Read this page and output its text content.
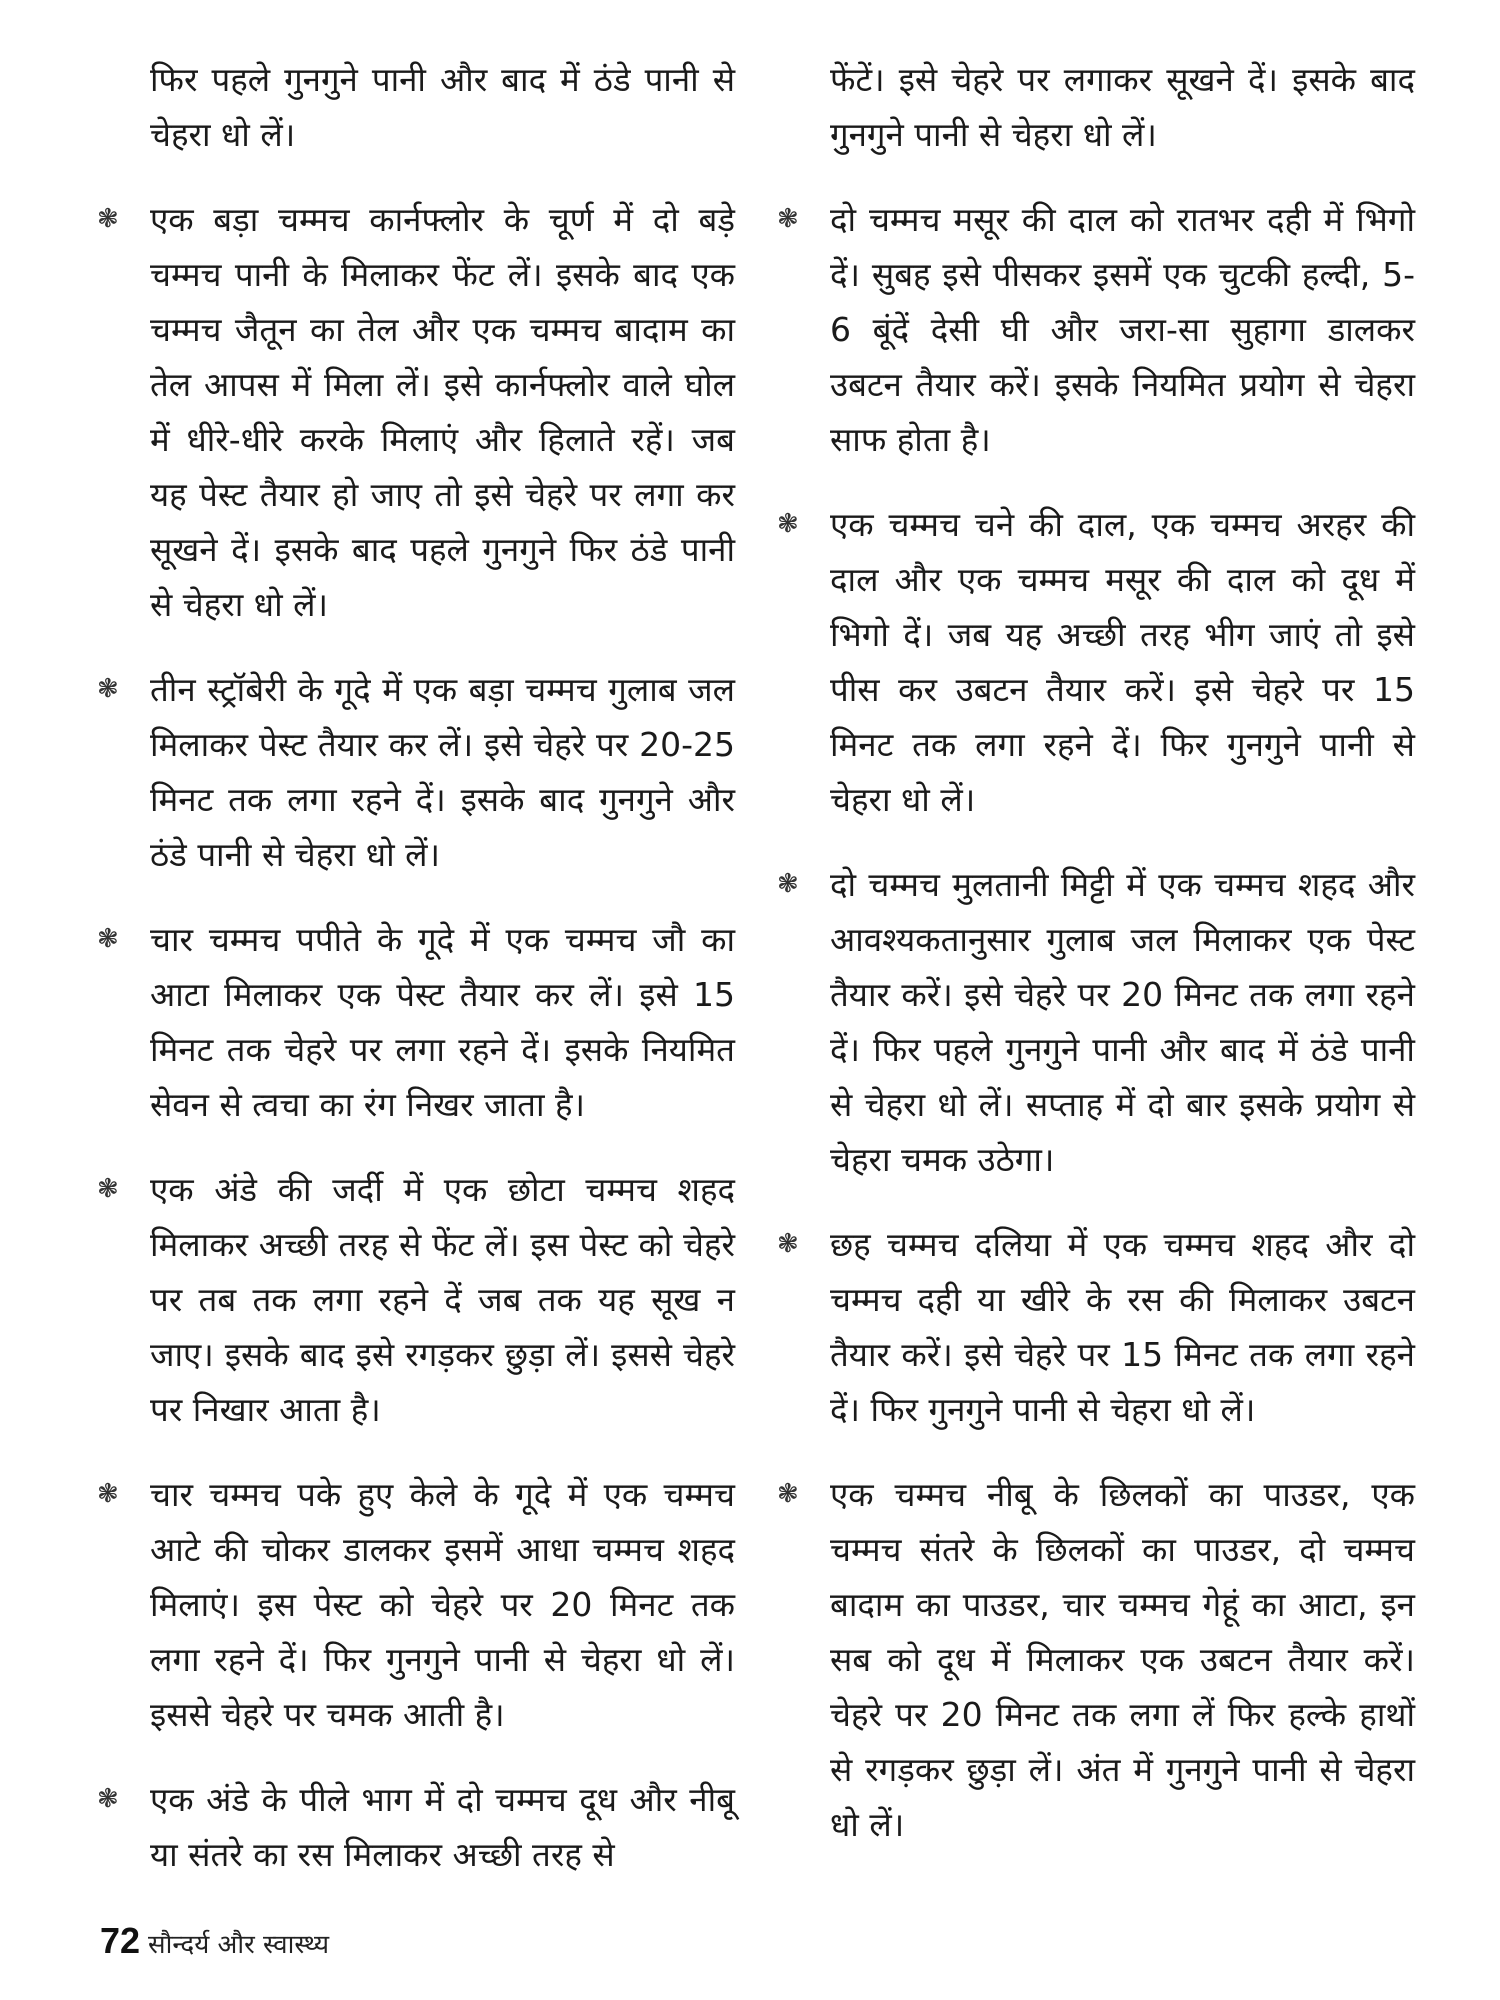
फिर पहले गुनगुने पानी और बाद में ठंडे पानी से चेहरा धो लें।

❃ एक बड़ा चम्मच कार्नफ्लोर के चूर्ण में दो बड़े चम्मच पानी के मिलाकर फेंट लें। इसके बाद एक चम्मच जैतून का तेल और एक चम्मच बादाम का तेल आपस में मिला लें। इसे कार्नफ्लोर वाले घोल में धीरे-धीरे करके मिलाएं और हिलाते रहें। जब यह पेस्ट तैयार हो जाए तो इसे चेहरे पर लगा कर सूखने दें। इसके बाद पहले गुनगुने फिर ठंडे पानी से चेहरा धो लें।

❃ तीन स्ट्रॉबेरी के गूदे में एक बड़ा चम्मच गुलाब जल मिलाकर पेस्ट तैयार कर लें। इसे चेहरे पर 20-25 मिनट तक लगा रहने दें। इसके बाद गुनगुने और ठंडे पानी से चेहरा धो लें।

❃ चार चम्मच पपीते के गूदे में एक चम्मच जौ का आटा मिलाकर एक पेस्ट तैयार कर लें। इसे 15 मिनट तक चेहरे पर लगा रहने दें। इसके नियमित सेवन से त्वचा का रंग निखर जाता है।

❃ एक अंडे की जर्दी में एक छोटा चम्मच शहद मिलाकर अच्छी तरह से फेंट लें। इस पेस्ट को चेहरे पर तब तक लगा रहने दें जब तक यह सूख न जाए। इसके बाद इसे रगड़कर छुड़ा लें। इससे चेहरे पर निखार आता है।

❃ चार चम्मच पके हुए केले के गूदे में एक चम्मच आटे की चोकर डालकर इसमें आधा चम्मच शहद मिलाएं। इस पेस्ट को चेहरे पर 20 मिनट तक लगा रहने दें। फिर गुनगुने पानी से चेहरा धो लें। इससे चेहरे पर चमक आती है।

❃ एक अंडे के पीले भाग में दो चम्मच दूध और नीबू या संतरे का रस मिलाकर अच्छी तरह से

फेंटें। इसे चेहरे पर लगाकर सूखने दें। इसके बाद गुनगुने पानी से चेहरा धो लें।

❃ दो चम्मच मसूर की दाल को रातभर दही में भिगो दें। सुबह इसे पीसकर इसमें एक चुटकी हल्दी, 5-6 बूंदें देसी घी और जरा-सा सुहागा डालकर उबटन तैयार करें। इसके नियमित प्रयोग से चेहरा साफ होता है।

❃ एक चम्मच चने की दाल, एक चम्मच अरहर की दाल और एक चम्मच मसूर की दाल को दूध में भिगो दें। जब यह अच्छी तरह भीग जाएं तो इसे पीस कर उबटन तैयार करें। इसे चेहरे पर 15 मिनट तक लगा रहने दें। फिर गुनगुने पानी से चेहरा धो लें।

❃ दो चम्मच मुलतानी मिट्टी में एक चम्मच शहद और आवश्यकतानुसार गुलाब जल मिलाकर एक पेस्ट तैयार करें। इसे चेहरे पर 20 मिनट तक लगा रहने दें। फिर पहले गुनगुने पानी और बाद में ठंडे पानी से चेहरा धो लें। सप्ताह में दो बार इसके प्रयोग से चेहरा चमक उठेगा।

❃ छह चम्मच दलिया में एक चम्मच शहद और दो चम्मच दही या खीरे के रस की मिलाकर उबटन तैयार करें। इसे चेहरे पर 15 मिनट तक लगा रहने दें। फिर गुनगुने पानी से चेहरा धो लें।

❃ एक चम्मच नीबू के छिलकों का पाउडर, एक चम्मच संतरे के छिलकों का पाउडर, दो चम्मच बादाम का पाउडर, चार चम्मच गेहूं का आटा, इन सब को दूध में मिलाकर एक उबटन तैयार करें। चेहरे पर 20 मिनट तक लगा लें फिर हल्के हाथों से रगड़कर छुड़ा लें। अंत में गुनगुने पानी से चेहरा धो लें।

72 सौन्दर्य और स्वास्थ्य
